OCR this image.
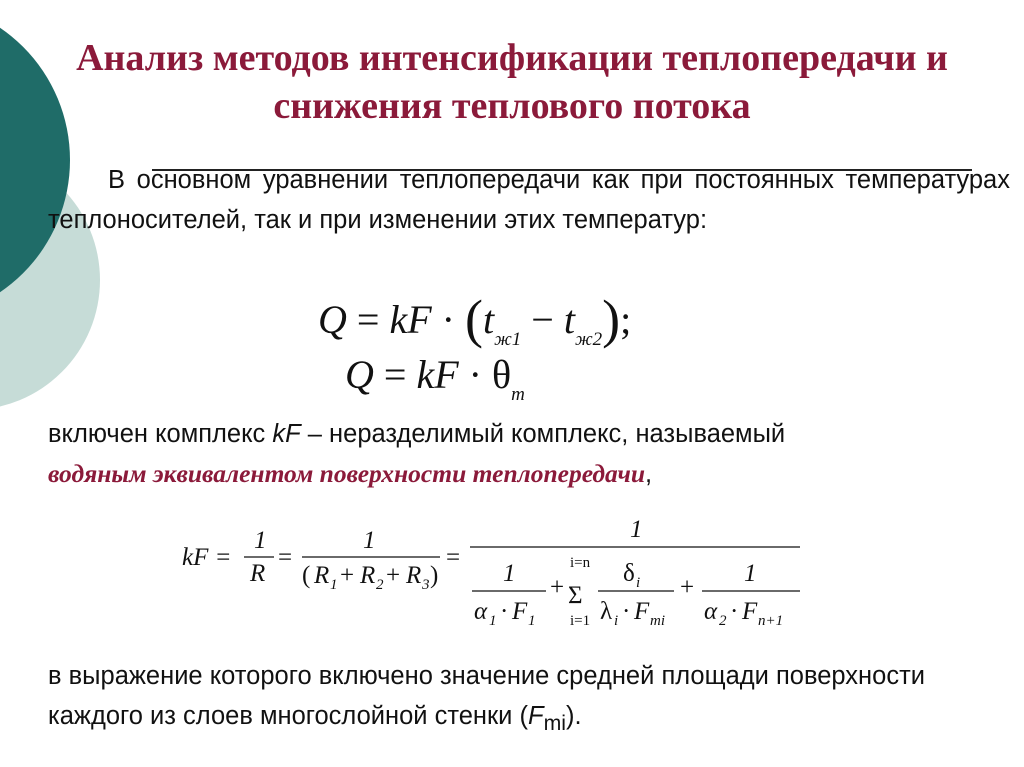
Анализ методов интенсификации теплопередачи и снижения теплового потока
В основном уравнении теплопередачи как при постоянных температурах теплоносителей, так и при изменении этих температур:
Q = kF · $(t_{ж1} - t_{ж2})$;
Q = kF · $\theta_m$
включен комплекс kF – неразделимый комплекс, называемый
водяным эквивалентом поверхности теплопередачи,
kF =
1
R
=
1
( R 1 + R 2 + R 3 )
=
1
1
α 1 · F 1
+
i=n
Σ
i=1
δ i
λ i · F mi
+
1
α 2 · F n+1
в выражение которого включено значение средней площади поверхности каждого из слоев многослойной стенки $(F_{mi})$.
